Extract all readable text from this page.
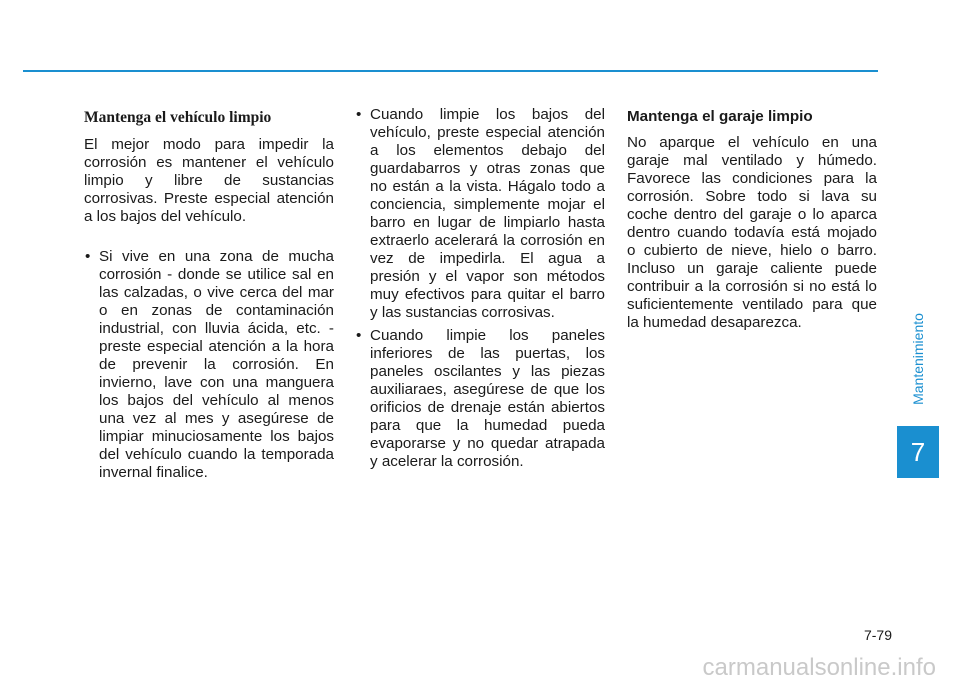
Mantenga el vehículo limpio

El mejor modo para impedir la corrosión es mantener el vehículo limpio y libre de sustancias corrosivas. Preste especial atención a los bajos del vehículo.

• Si vive en una zona de mucha corrosión - donde se utilice sal en las calzadas, o vive cerca del mar o en zonas de contaminación industrial, con lluvia ácida, etc. - preste especial atención a la hora de prevenir la corrosión. En invierno, lave con una manguera los bajos del vehículo al menos una vez al mes y asegúrese de limpiar minuciosamente los bajos del vehículo cuando la temporada invernal finalice.
• Cuando limpie los bajos del vehículo, preste especial atención a los elementos debajo del guardabarros y otras zonas que no están a la vista. Hágalo todo a conciencia, simplemente mojar el barro en lugar de limpiarlo hasta extraerlo acelerará la corrosión en vez de impedirla. El agua a presión y el vapor son métodos muy efectivos para quitar el barro y las sustancias corrosivas.
• Cuando limpie los paneles inferiores de las puertas, los paneles oscilantes y las piezas auxiliaraes, asegúrese de que los orificios de drenaje están abiertos para que la humedad pueda evaporarse y no quedar atrapada y acelerar la corrosión.
Mantenga el garaje limpio

No aparque el vehículo en una garaje mal ventilado y húmedo. Favorece las condiciones para la corrosión. Sobre todo si lava su coche dentro del garaje o lo aparca dentro cuando todavía está mojado o cubierto de nieve, hielo o barro. Incluso un garaje caliente puede contribuir a la corrosión si no está lo suficientemente ventilado para que la humedad desaparezca.	Mantenimiento
7
7-79
carmanualsonline.info
